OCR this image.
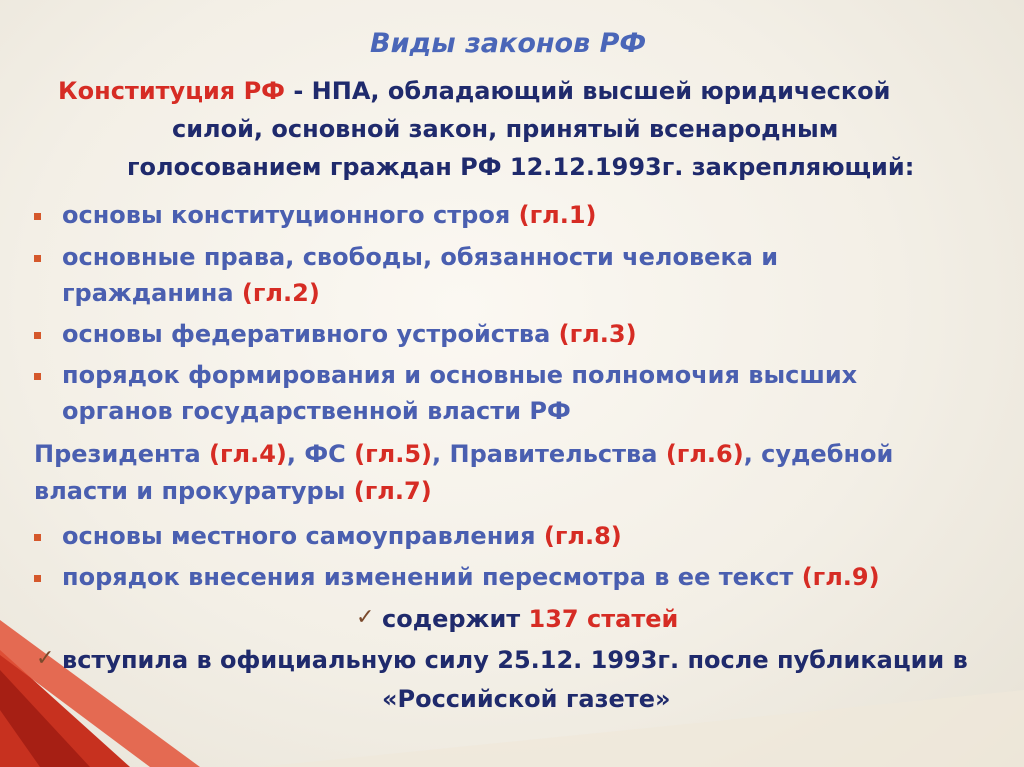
Виды законов РФ
Конституция РФ - НПА, обладающий высшей юридической
силой, основной закон, принятый всенародным
голосованием граждан РФ 12.12.1993г. закрепляющий:
основы конституционного строя (гл.1)
основные права, свободы, обязанности человека и
гражданина (гл.2)
основы федеративного устройства (гл.3)
порядок формирования и основные полномочия высших
органов государственной власти РФ
Президента (гл.4), ФС (гл.5), Правительства (гл.6), судебной
власти и прокуратуры (гл.7)
основы местного самоуправления (гл.8)
порядок внесения изменений пересмотра в ее текст (гл.9)
✓ содержит 137 статей
✓ вступила в официальную силу 25.12. 1993г. после публикации в
«Российской газете»
